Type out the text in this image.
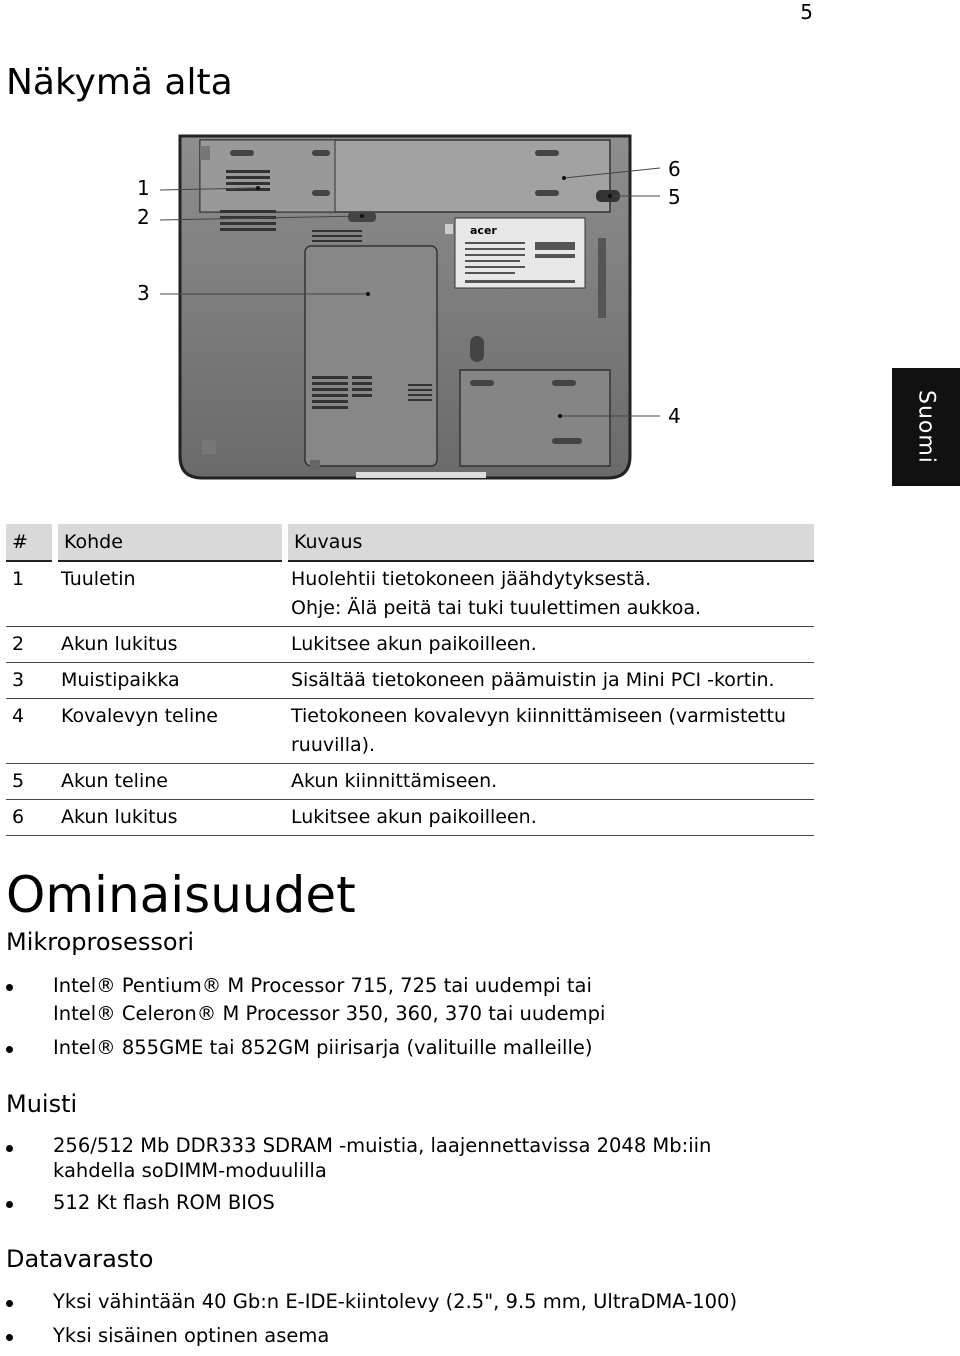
5
Suomi
Näkymä alta
acer
1
2
3
4
5
6
#	Kohde	Kuvaus
1	Tuuletin	Huolehtii tietokoneen jäähdytyksestä.
Ohje: Älä peitä tai tuki tuulettimen aukkoa.

2	Akun lukitus	Lukitsee akun paikoilleen.
3	Muistipaikka	Sisältää tietokoneen päämuistin ja Mini PCI -kortin.
4	Kovalevyn teline	Tietokoneen kovalevyn kiinnittämiseen (varmistettu ruuvilla).
5	Akun teline	Akun kiinnittämiseen.
6	Akun lukitus	Lukitsee akun paikoilleen.
Ominaisuudet
Mikroprosessori
Intel® Pentium® M Processor 715, 725 tai uudempi tai
Intel® Celeron® M Processor 350, 360, 370 tai uudempi
Intel® 855GME tai 852GM piirisarja (valituille malleille)
Muisti
256/512 Mb DDR333 SDRAM -muistia, laajennettavissa 2048 Mb:iin
kahdella soDIMM-moduulilla
512 Kt flash ROM BIOS
Datavarasto
Yksi vähintään 40 Gb:n E-IDE-kiintolevy (2.5", 9.5 mm, UltraDMA-100)
Yksi sisäinen optinen asema
